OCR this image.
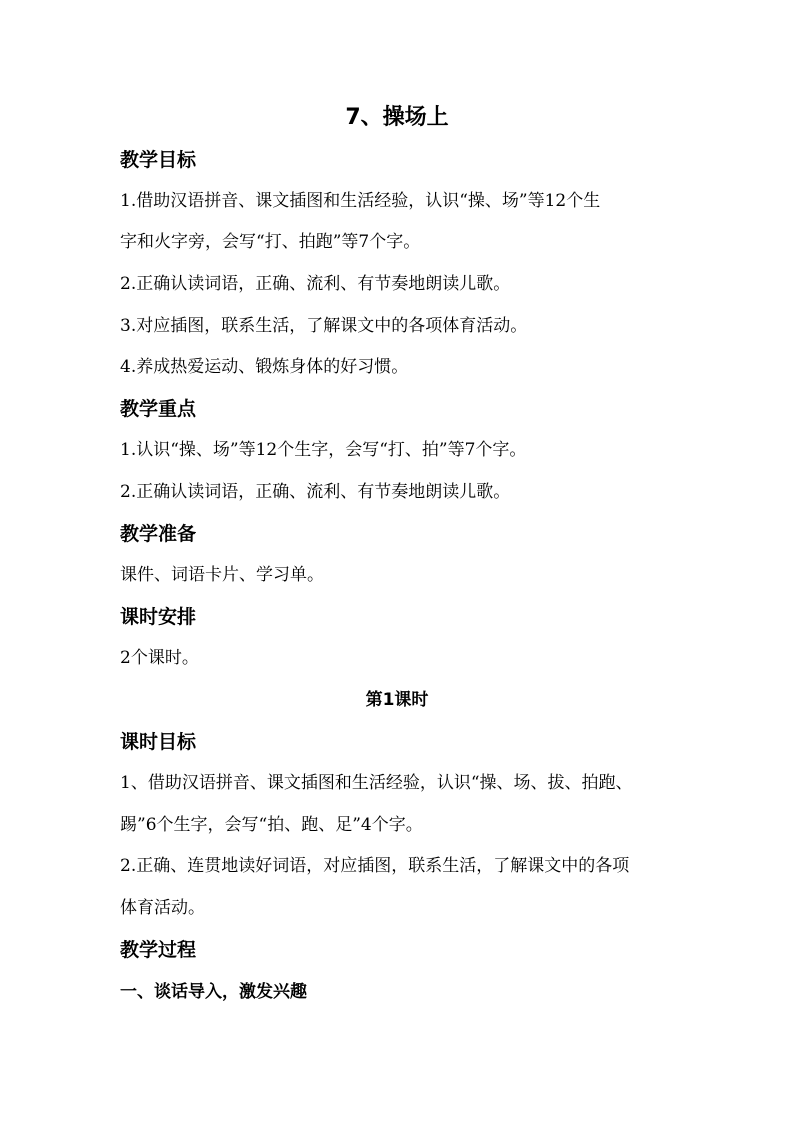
7、操场上
教学目标
1.借助汉语拼音、课文插图和生活经验，认识“操、场”等12个生
字和火字旁，会写“打、拍跑”等7个字。
2.正确认读词语，正确、流利、有节奏地朗读儿歌。
3.对应插图，联系生活，了解课文中的各项体育活动。
4.养成热爱运动、锻炼身体的好习惯。
教学重点
1.认识“操、场”等12个生字，会写“打、拍”等7个字。
2.正确认读词语，正确、流利、有节奏地朗读儿歌。
教学准备
课件、词语卡片、学习单。
课时安排
2个课时。
第1课时
课时目标
1、借助汉语拼音、课文插图和生活经验，认识“操、场、拔、拍跑、
踢”6个生字，会写“拍、跑、足”4个字。
2.正确、连贯地读好词语，对应插图，联系生活，了解课文中的各项
体育活动。
教学过程
一、谈话导入，激发兴趣
